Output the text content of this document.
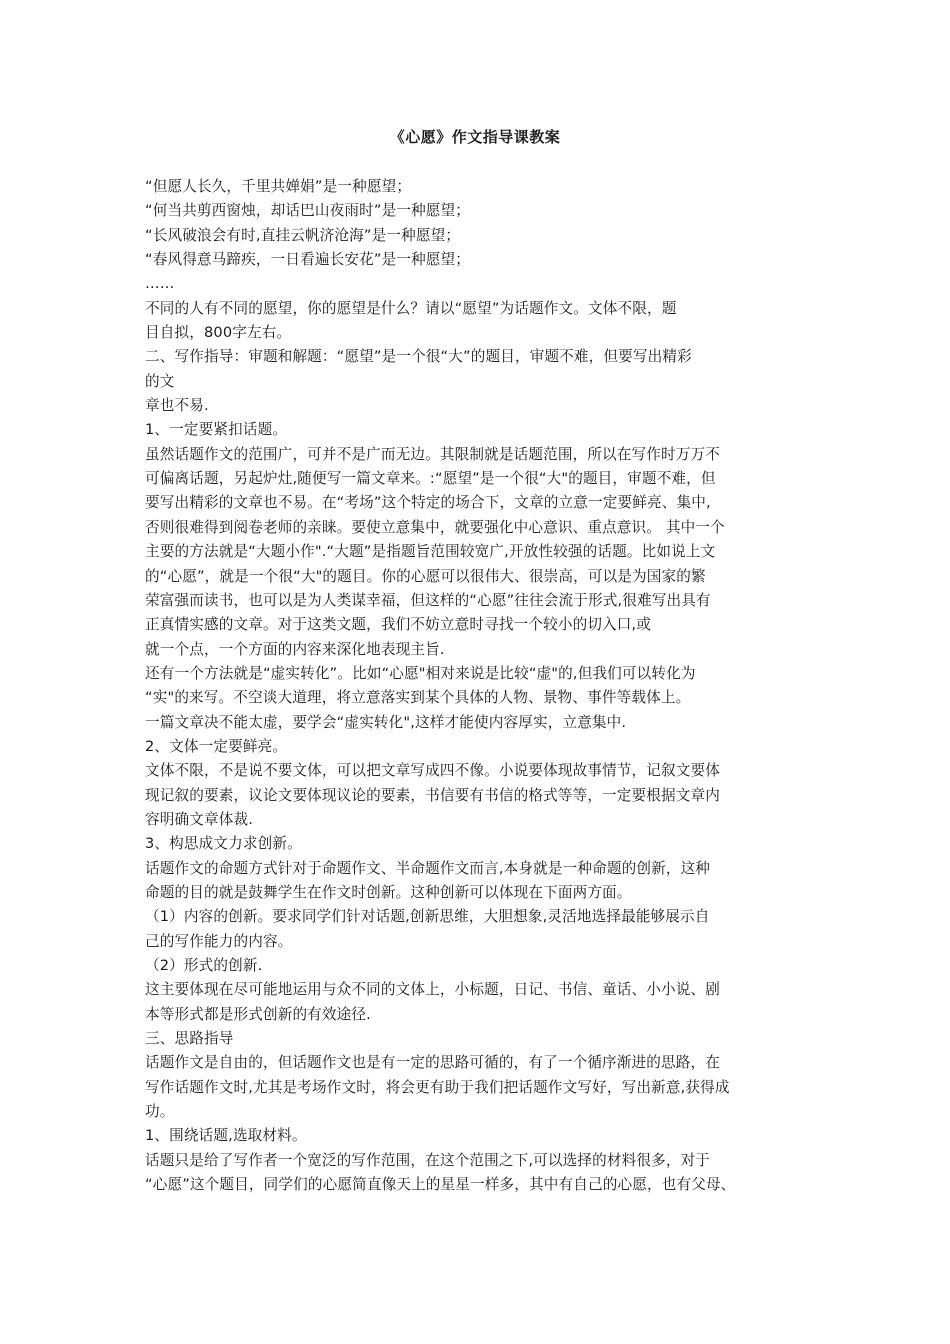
《心愿》作文指导课教案
“但愿人长久，千里共婵娟”是一种愿望；
“何当共剪西窗烛，却话巴山夜雨时”是一种愿望；
“长风破浪会有时,直挂云帆济沧海”是一种愿望；
“春风得意马蹄疾，一日看遍长安花”是一种愿望；
……
不同的人有不同的愿望，你的愿望是什么？请以“愿望”为话题作文。文体不限，题
目自拟，800字左右。
二、写作指导：审题和解题：“愿望”是一个很“大”的题目，审题不难，但要写出精彩
的文
章也不易.
1、一定要紧扣话题。
虽然话题作文的范围广，可并不是广而无边。其限制就是话题范围，所以在写作时万万不
可偏离话题，另起炉灶,随便写一篇文章来。:“愿望”是一个很“大"的题目，审题不难，但
要写出精彩的文章也不易。在“考场”这个特定的场合下，文章的立意一定要鲜亮、集中,
否则很难得到阅卷老师的亲睐。要使立意集中，就要强化中心意识、重点意识。 其中一个
主要的方法就是“大题小作".“大题”是指题旨范围较宽广,开放性较强的话题。比如说上文
的“心愿”，就是一个很“大"的题目。你的心愿可以很伟大、很崇高，可以是为国家的繁
荣富强而读书，也可以是为人类谋幸福，但这样的“心愿”往往会流于形式,很难写出具有
正真情实感的文章。对于这类文题，我们不妨立意时寻找一个较小的切入口,或
就一个点，一个方面的内容来深化地表现主旨.
还有一个方法就是“虚实转化”。比如“心愿"相对来说是比较“虚"的,但我们可以转化为
“实"的来写。不空谈大道理，将立意落实到某个具体的人物、景物、事件等载体上。
一篇文章决不能太虚，要学会“虚实转化",这样才能使内容厚实，立意集中.
2、文体一定要鲜亮。
文体不限，不是说不要文体，可以把文章写成四不像。小说要体现故事情节，记叙文要体
现记叙的要素，议论文要体现议论的要素，书信要有书信的格式等等，一定要根据文章内
容明确文章体裁.
3、构思成文力求创新。
话题作文的命题方式针对于命题作文、半命题作文而言,本身就是一种命题的创新，这种
命题的目的就是鼓舞学生在作文时创新。这种创新可以体现在下面两方面。
（1）内容的创新。要求同学们针对话题,创新思维，大胆想象,灵活地选择最能够展示自
己的写作能力的内容。
（2）形式的创新.
这主要体现在尽可能地运用与众不同的文体上，小标题，日记、书信、童话、小小说、剧
本等形式都是形式创新的有效途径.
三、思路指导
话题作文是自由的，但话题作文也是有一定的思路可循的，有了一个循序渐进的思路，在
写作话题作文时,尤其是考场作文时，将会更有助于我们把话题作文写好，写出新意,获得成
功。
1、围绕话题,选取材料。
话题只是给了写作者一个宽泛的写作范围，在这个范围之下,可以选择的材料很多，对于
“心愿”这个题目，同学们的心愿简直像天上的星星一样多，其中有自己的心愿，也有父母、
